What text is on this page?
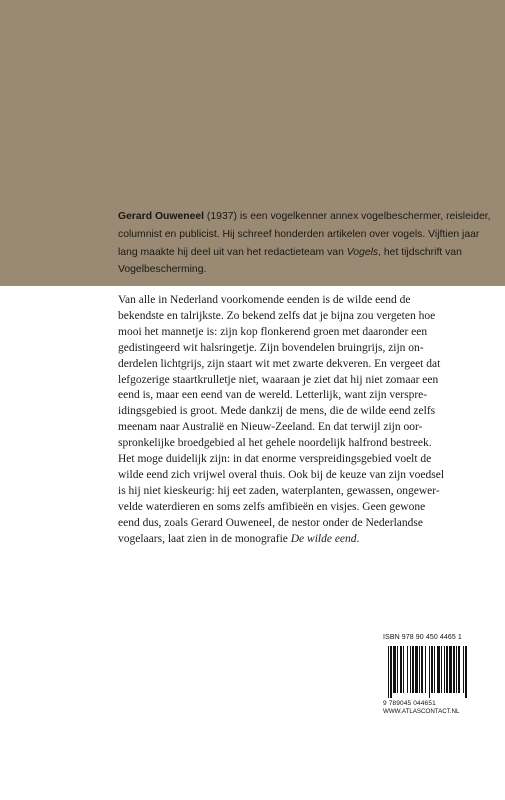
Gerard Ouweneel (1937) is een vogelkenner annex vogelbeschermer, reisleider, columnist en publicist. Hij schreef honderden artikelen over vogels. Vijftien jaar lang maakte hij deel uit van het redactieteam van Vogels, het tijdschrift van Vogelbescherming.

Van alle in Nederland voorkomende eenden is de wilde eend de
bekendste en talrijkste. Zo bekend zelfs dat je bijna zou vergeten hoe
mooi het mannetje is: zijn kop flonkerend groen met daaronder een
gedistingeerd wit halsringetje. Zijn bovendelen bruingrijs, zijn on-
derdelen lichtgrijs, zijn staart wit met zwarte dekveren. En vergeet dat
lefgozerige staartkrulletje niet, waaraan je ziet dat hij niet zomaar een
eend is, maar een eend van de wereld. Letterlijk, want zijn verspre-
idingsgebied is groot. Mede dankzij de mens, die de wilde eend zelfs
meenam naar Australië en Nieuw-Zeeland. En dat terwijl zijn oor-
spronkelijke broedgebied al het gehele noordelijk halfrond bestreek.
Het moge duidelijk zijn: in dat enorme verspreidingsgebied voelt de
wilde eend zich vrijwel overal thuis. Ook bij de keuze van zijn voedsel
is hij niet kieskeurig: hij eet zaden, waterplanten, gewassen, ongewer-
velde waterdieren en soms zelfs amfibieën en visjes. Geen gewone
eend dus, zoals Gerard Ouweneel, de nestor onder de Nederlandse
vogelaars, laat zien in de monografie De wilde eend.
ISBN 978 90 450 4465 1
9 789045 044651
WWW.ATLASCONTACT.NL
